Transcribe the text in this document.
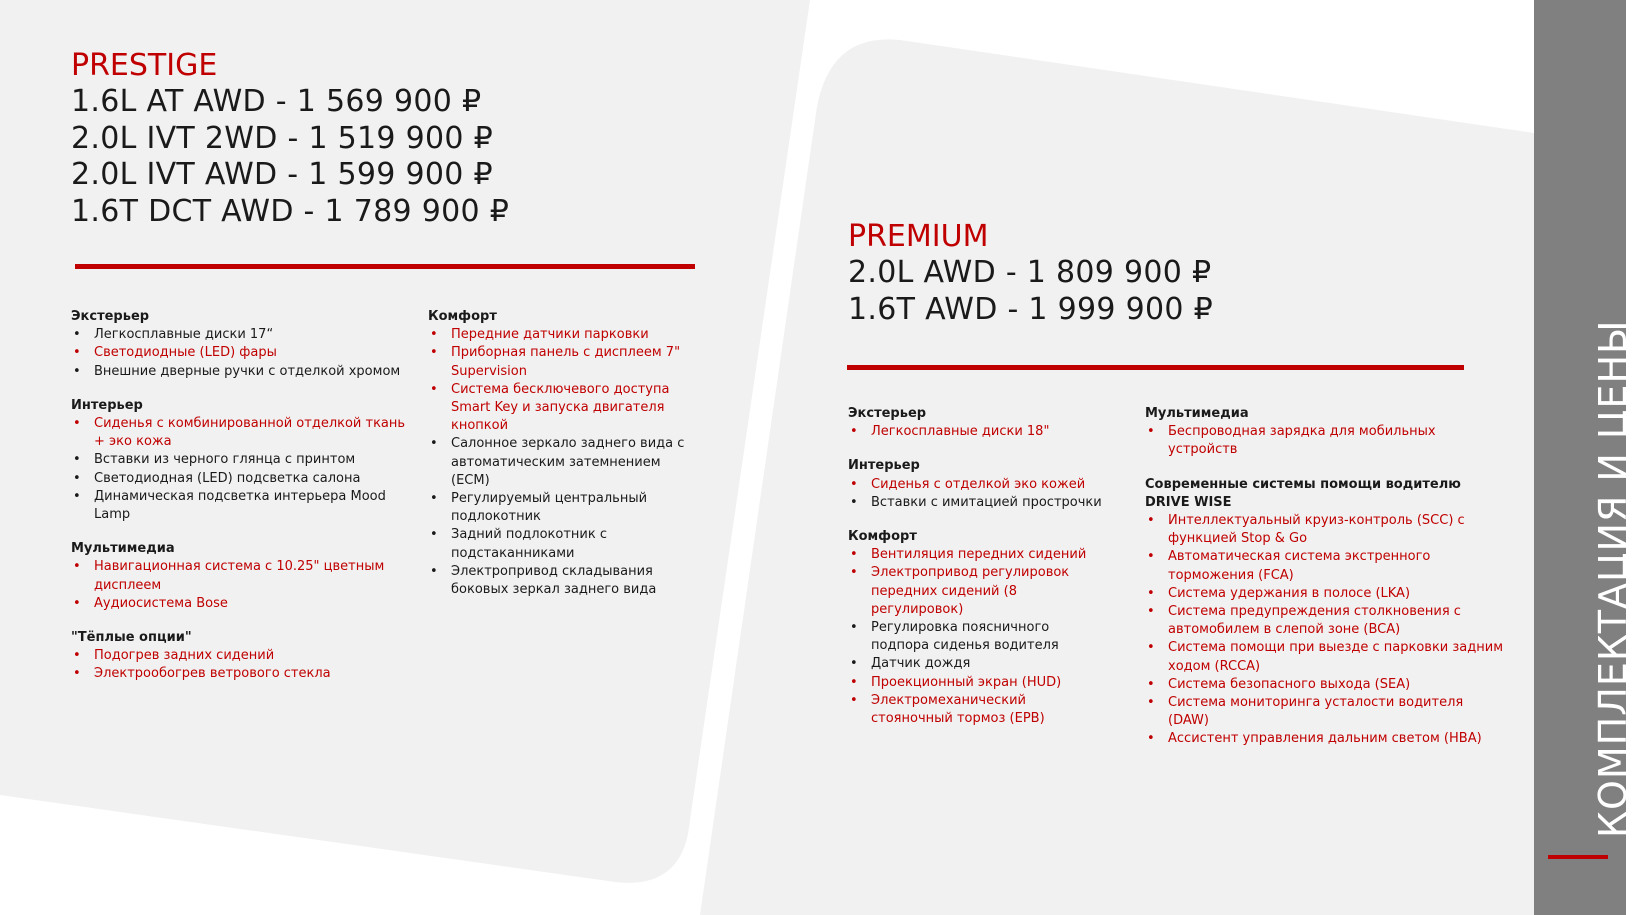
КОМПЛЕКТАЦИЯ И ЦЕНЫ
PRESTIGE
1.6L AT AWD - 1 569 900 ₽
2.0L IVT 2WD - 1 519 900 ₽
2.0L IVT AWD - 1 599 900 ₽
1.6T DCT AWD - 1 789 900 ₽
Экстерьер
• Легкосплавные диски 17“
• Светодиодные (LED) фары
• Внешние дверные ручки с отделкой хромом
Интерьер
• Сиденья с комбинированной отделкой ткань + эко кожа
• Вставки из черного глянца с принтом
• Светодиодная (LED) подсветка салона
• Динамическая подсветка интерьера Mood Lamp
Мультимедиа
• Навигационная система с 10.25" цветным дисплеем
• Аудиосистема Bose
"Тёплые опции"
• Подогрев задних сидений
• Электрообогрев ветрового стекла
Комфорт
• Передние датчики парковки
• Приборная панель с дисплеем 7" Supervision
• Система бесключевого доступа Smart Key и запуска двигателя кнопкой
• Салонное зеркало заднего вида с автоматическим затемнением (ECM)
• Регулируемый центральный подлокотник
• Задний подлокотник с подстаканниками
• Электропривод складывания боковых зеркал заднего вида
PREMIUM
2.0L AWD - 1 809 900 ₽
1.6T AWD - 1 999 900 ₽
Экстерьер
• Легкосплавные диски 18"
Интерьер
• Сиденья с отделкой эко кожей
• Вставки с имитацией прострочки
Комфорт
• Вентиляция передних сидений
• Электропривод регулировок передних сидений (8 регулировок)
• Регулировка поясничного подпора сиденья водителя
• Датчик дождя
• Проекционный экран (HUD)
• Электромеханический стояночный тормоз (EPB)
Мультимедиа
• Беспроводная зарядка для мобильных устройств
Современные системы помощи водителю DRIVE WISE
• Интеллектуальный круиз-контроль (SCC) с функцией Stop & Go
• Автоматическая система экстренного торможения (FCA)
• Система удержания в полосе (LKA)
• Система предупреждения столкновения с автомобилем в слепой зоне (BCA)
• Система помощи при выезде с парковки задним ходом (RCCA)
• Система безопасного выхода (SEA)
• Система мониторинга усталости водителя (DAW)
• Ассистент управления дальним светом (HBA)
